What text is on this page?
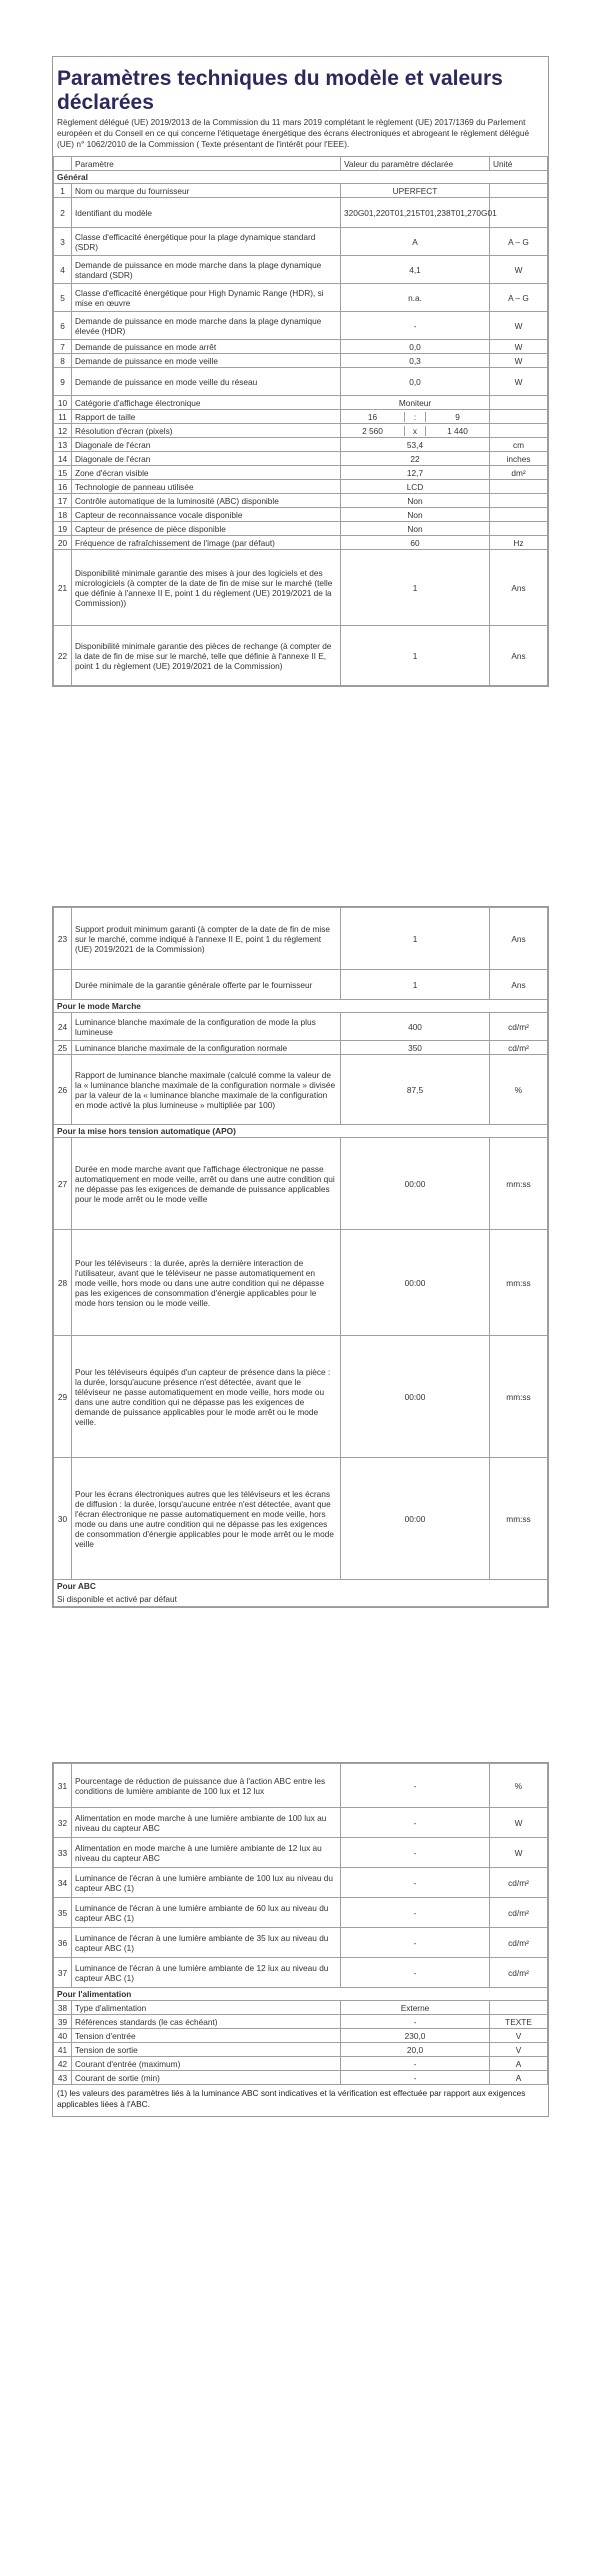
Paramètres techniques du modèle et valeurs déclarées
Règlement délégué (UE) 2019/2013 de la Commission du 11 mars 2019 complétant le règlement (UE) 2017/1369 du Parlement européen et du Conseil en ce qui concerne l'étiquetage énergétique des écrans électroniques et abrogeant le règlement délégué (UE) n° 1062/2010 de la Commission ( Texte présentant de l'intérêt pour l'EEE).
	Paramètre	Valeur du paramètre déclarée	Unité
Général			
1	Nom ou marque du fournisseur	UPERFECT	
2	Identifiant du modèle	320G01,220T01,215T01,238T01,270G01	
3	Classe d'efficacité énergétique pour la plage dynamique standard (SDR)	A	A – G
4	Demande de puissance en mode marche dans la plage dynamique standard (SDR)	4,1	W
5	Classe d'efficacité énergétique pour High Dynamic Range (HDR), si mise en œuvre	n.a.	A – G
6	Demande de puissance en mode marche dans la plage dynamique élevée (HDR)	-	W
7	Demande de puissance en mode arrêt	0,0	W
8	Demande de puissance en mode veille	0,3	W
9	Demande de puissance en mode veille du réseau	0,0	W
10	Catégorie d'affichage électronique	Moniteur	
11	Rapport de taille	16 : 9	

12	Résolution d'écran (pixels)	2 560 x 1 440	

13	Diagonale de l'écran	53,4	cm
14	Diagonale de l'écran	22	inches
15	Zone d'écran visible	12,7	dm²
16	Technologie de panneau utilisée	LCD	
17	Contrôle automatique de la luminosité (ABC) disponible	Non	
18	Capteur de reconnaissance vocale disponible	Non	
19	Capteur de présence de pièce disponible	Non	
20	Fréquence de rafraîchissement de l'image (par défaut)	60	Hz
21	Disponibilité minimale garantie des mises à jour des logiciels et des micrologiciels (à compter de la date de fin de mise sur le marché (telle que définie à l'annexe II E, point 1 du règlement (UE) 2019/2021 de la Commission))	1	Ans
22	Disponibilité minimale garantie des pièces de rechange (à compter de la date de fin de mise sur le marché, telle que définie à l'annexe II E, point 1 du règlement (UE) 2019/2021 de la Commission)	1	Ans
23	Support produit minimum garanti (à compter de la date de fin de mise sur le marché, comme indiqué à l'annexe II E, point 1 du règlement (UE) 2019/2021 de la Commission)	1	Ans
	Durée minimale de la garantie générale offerte par le fournisseur	1	Ans
Pour le mode Marche			
24	Luminance blanche maximale de la configuration de mode la plus lumineuse	400	cd/m²
25	Luminance blanche maximale de la configuration normale	350	cd/m²
26	Rapport de luminance blanche maximale (calculé comme la valeur de la « luminance blanche maximale de la configuration normale » divisée par la valeur de la « luminance blanche maximale de la configuration en mode activé la plus lumineuse » multipliée par 100)	87,5	%
Pour la mise hors tension automatique (APO)			
27	Durée en mode marche avant que l'affichage électronique ne passe automatiquement en mode veille, arrêt ou dans une autre condition qui ne dépasse pas les exigences de demande de puissance applicables pour le mode arrêt ou le mode veille	00:00	mm:ss
28	Pour les téléviseurs : la durée, après la dernière interaction de l'utilisateur, avant que le téléviseur ne passe automatiquement en mode veille, hors mode ou dans une autre condition qui ne dépasse pas les exigences de consommation d'énergie applicables pour le mode hors tension ou le mode veille.	00:00	mm:ss
29	Pour les téléviseurs équipés d'un capteur de présence dans la pièce : la durée, lorsqu'aucune présence n'est détectée, avant que le téléviseur ne passe automatiquement en mode veille, hors mode ou dans une autre condition qui ne dépasse pas les exigences de demande de puissance applicables pour le mode arrêt ou le mode veille.	00:00	mm:ss
30	Pour les écrans électroniques autres que les téléviseurs et les écrans de diffusion : la durée, lorsqu'aucune entrée n'est détectée, avant que l'écran électronique ne passe automatiquement en mode veille, hors mode ou dans une autre condition qui ne dépasse pas les exigences de consommation d'énergie applicables pour le mode arrêt ou le mode veille	00:00	mm:ss
Pour ABC			
Si disponible et activé par défaut			
31	Pourcentage de réduction de puissance due à l'action ABC entre les conditions de lumière ambiante de 100 lux et 12 lux	-	%
32	Alimentation en mode marche à une lumière ambiante de 100 lux au niveau du capteur ABC	-	W
33	Alimentation en mode marche à une lumière ambiante de 12 lux au niveau du capteur ABC	-	W
34	Luminance de l'écran à une lumière ambiante de 100 lux au niveau du capteur ABC (1)	-	cd/m²
35	Luminance de l'écran à une lumière ambiante de 60 lux au niveau du capteur ABC (1)	-	cd/m²
36	Luminance de l'écran à une lumière ambiante de 35 lux au niveau du capteur ABC (1)	-	cd/m²
37	Luminance de l'écran à une lumière ambiante de 12 lux au niveau du capteur ABC (1)	-	cd/m²
Pour l'alimentation			
38	Type d'alimentation	Externe	
39	Références standards (le cas échéant)	-	TEXTE
40	Tension d'entrée	230,0	V
41	Tension de sortie	20,0	V
42	Courant d'entrée (maximum)	-	A
43	Courant de sortie (min)	-	A
(1) les valeurs des paramètres liés à la luminance ABC sont indicatives et la vérification est effectuée par rapport aux exigences applicables liées à l'ABC.
